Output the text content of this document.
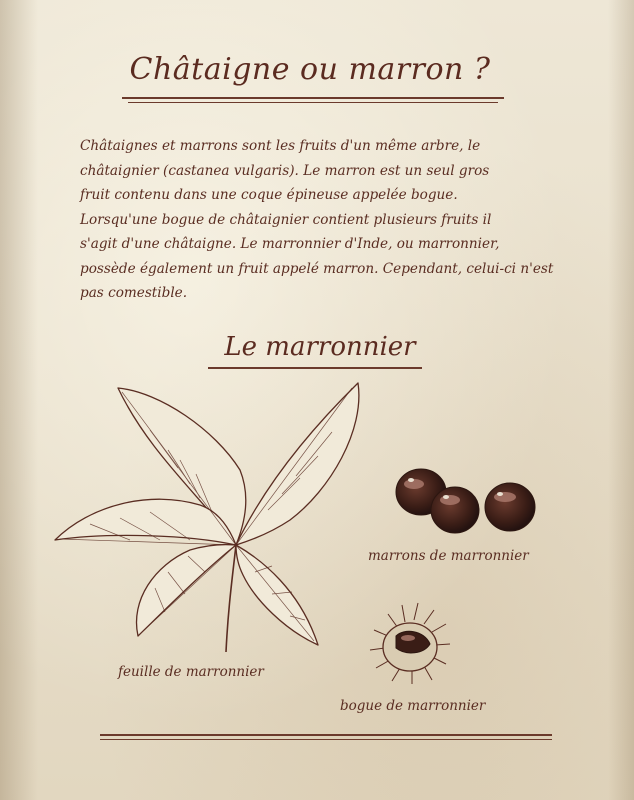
Châtaigne ou marron ?
Châtaignes et marrons sont les fruits d'un même arbre, le
châtaignier (castanea vulgaris). Le marron est un seul gros
fruit contenu dans une coque épineuse appelée bogue.
Lorsqu'une bogue de châtaignier contient plusieurs fruits il
s'agit d'une châtaigne. Le marronnier d'Inde, ou marronnier,
possède également un fruit appelé marron. Cependant, celui-ci n'est
pas comestible.
Le marronnier
feuille de marronnier
marrons de marronnier
bogue de marronnier
